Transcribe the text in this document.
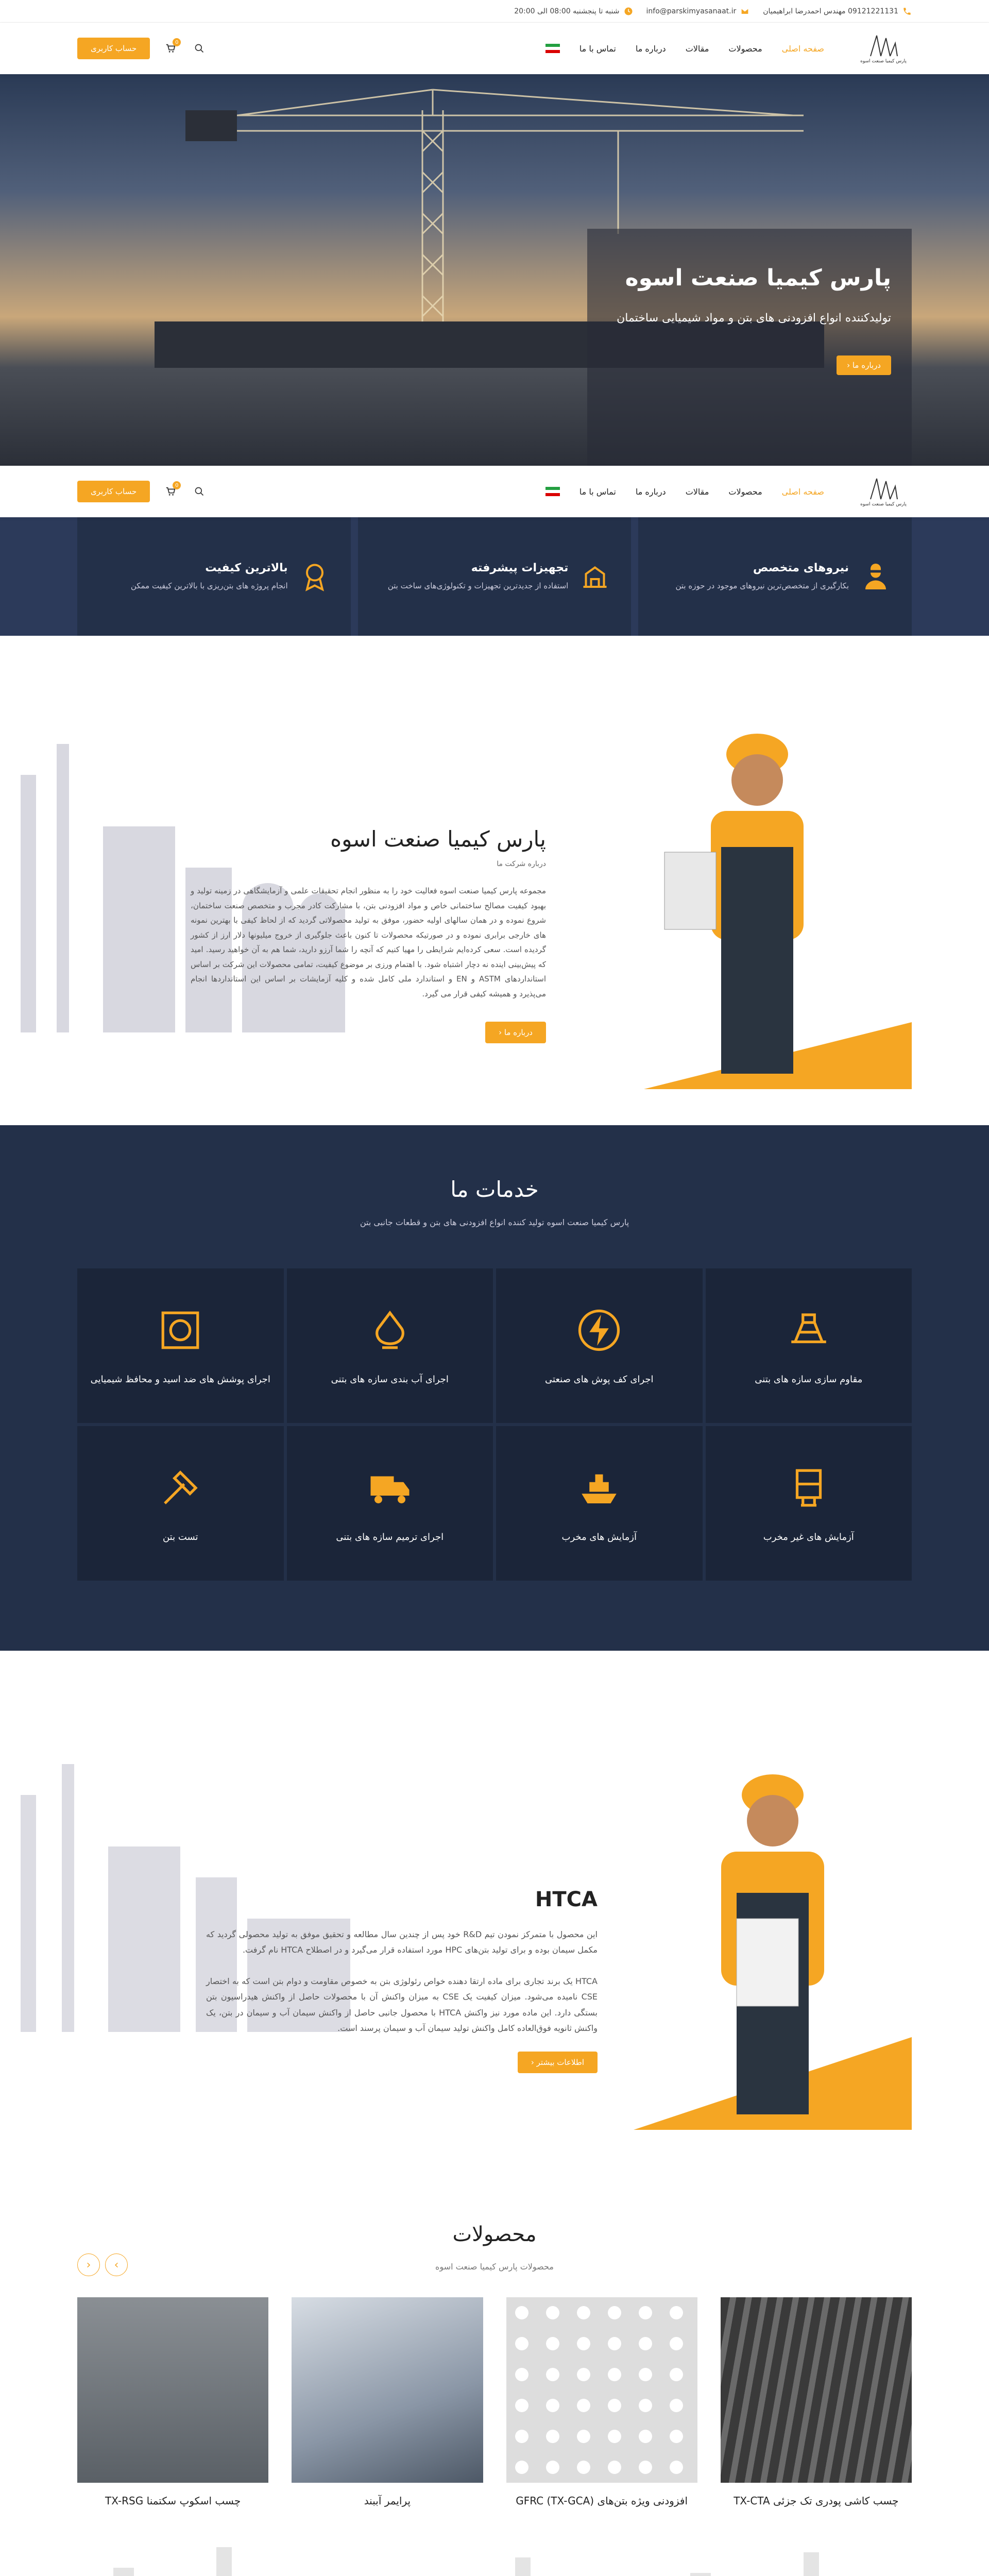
09121221131 مهندس احمدرضا ابراهیمیان
info@parskimyasanaat.ir
شنبه تا پنجشنبه 08:00 الی 20:00
پارس کیمیا صنعت اسوه
صفحه اصلی
محصولات
مقالات
درباره ما
تماس با ما
0
حساب کاربری
پارس کیمیا صنعت اسوه

تولیدکننده انواع افزودنی های بتن و مواد شیمیایی ساختمان

درباره ما ‹
پارس کیمیا صنعت اسوه
صفحه اصلی
محصولات
مقالات
درباره ما
تماس با ما
0
حساب کاربری
نیروهای متخصص

بکارگیری از متخصص‌ترین نیروهای موجود در حوزه بتن

تجهیزات پیشرفته

استفاده از جدیدترین تجهیزات و تکنولوژی‌های ساخت بتن

بالاترین کیفیت

انجام پروژه های بتن‌ریزی با بالاترین کیفیت ممکن

پارس کیمیا صنعت اسوه
درباره شرکت ما

مجموعه پارس کیمیا صنعت اسوه فعالیت خود را به منظور انجام تحقیقات علمی و آزمایشگاهی در زمینه تولید و بهبود کیفیت مصالح ساختمانی خاص و مواد افزودنی بتن، با مشارکت کادر مجرب و متخصص صنعت ساختمان، شروع نموده و در همان سالهای اولیه حضور، موفق به تولید محصولاتی گردید که از لحاظ کیفی با بهترین نمونه های خارجی برابری نموده و در صورتیکه محصولات تا کنون باعث جلوگیری از خروج میلیونها دلار ارز از کشور گردیده است. سعی کرده‌ایم شرایطی را مهیا کنیم که آنچه را شما آرزو دارید، شما هم به آن خواهید رسید. امید که پیش‌بینی اینده نه دچار اشتباه شود. با اهتمام ورزی بر موضوع کیفیت، تمامی محصولات این شرکت بر اساس استانداردهای ASTM و EN و استاندارد ملی کامل شده و کلیه آزمایشات بر اساس این استانداردها انجام می‌پذیرد و همیشه کیفی قرار می گیرد.

درباره ما ‹
خدمات ما
پارس کیمیا صنعت اسوه تولید کننده انواع افزودنی های بتن و قطعات جانبی بتن
مقاوم سازی سازه های بتنی
اجرای کف پوش های صنعتی
اجرای آب بندی سازه های بتنی
اجرای پوشش های ضد اسید و محافظ شیمیایی
آزمایش های غیر مخرب
آزمایش های مخرب
اجرای ترمیم سازه های بتنی
تست بتن
HTCA

این محصول با متمرکز نمودن تیم R&D خود پس از چندین سال مطالعه و تحقیق موفق به تولید محصولی گردید که مکمل سیمان بوده و برای تولید بتن‌های HPC مورد استفاده قرار می‌گیرد و در اصطلاح HTCA نام گرفت.

HTCA یک برند تجاری برای ماده ارتقا دهنده خواص رئولوژی بتن به خصوص مقاومت و دوام بتن است که به اختصار CSE نامیده می‌شود. میزان کیفیت یک CSE به میزان واکنش آن با محصولات حاصل از واکنش هیدراسیون بتن بستگی دارد. این ماده مورد نیز واکنش HTCA با محصول جانبی حاصل از واکنش سیمان آب و سیمان در بتن، یک واکنش ثانویه فوق‌العاده کامل واکنش تولید سیمان آب و سیمان پرسند است.

اطلاعات بیشتر ‹
محصولات
محصولات پارس کیمیا صنعت اسوه
›
‹
چسب کاشی پودری تک جزئی TX-CTA
افزودنی ویژه بتن‌های GFRC (TX-GCA)
پرایمر آببند
چسب اسکوپ سکتمنا TX-RSG
